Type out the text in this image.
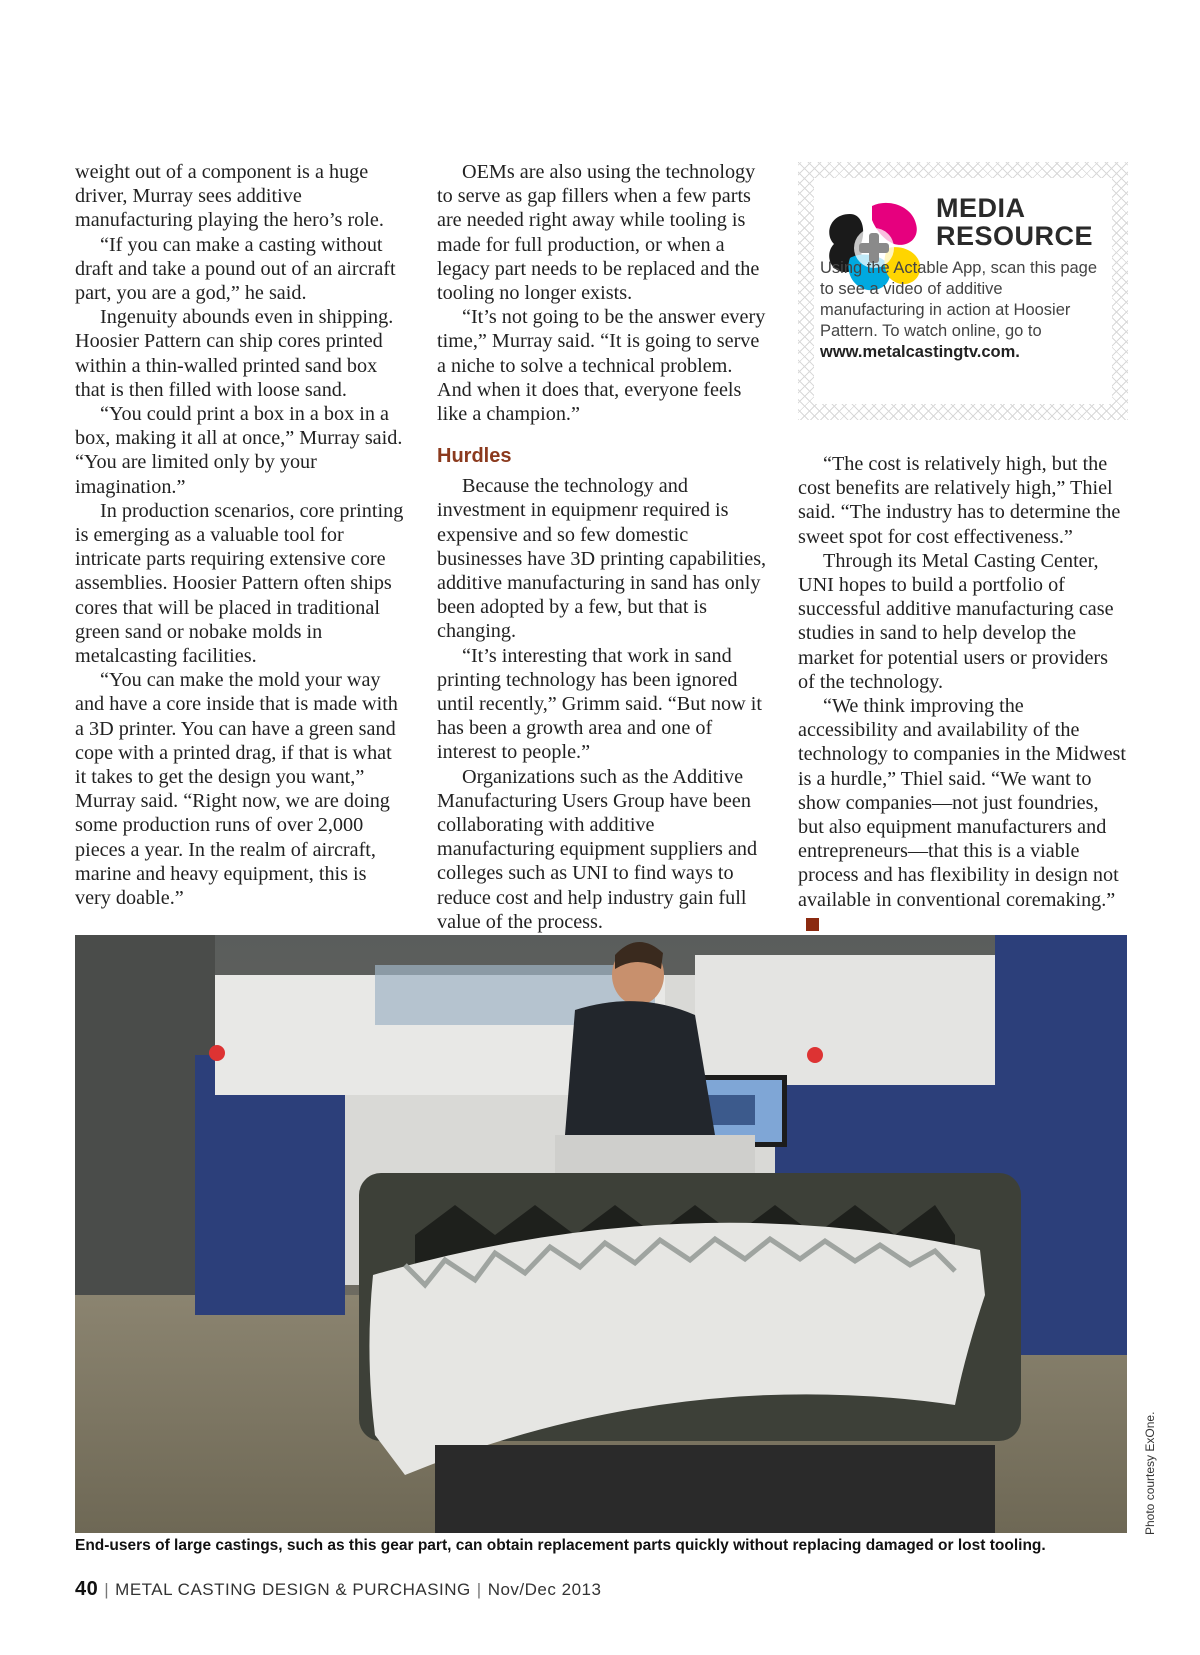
weight out of a component is a huge driver, Murray sees additive manufacturing playing the hero’s role.

“If you can make a casting without draft and take a pound out of an aircraft part, you are a god,” he said.

Ingenuity abounds even in shipping. Hoosier Pattern can ship cores printed within a thin-walled printed sand box that is then filled with loose sand.

“You could print a box in a box in a box, making it all at once,” Murray said. “You are limited only by your imagination.”

In production scenarios, core printing is emerging as a valuable tool for intricate parts requiring extensive core assemblies. Hoosier Pattern often ships cores that will be placed in traditional green sand or nobake molds in metalcasting facilities.

“You can make the mold your way and have a core inside that is made with a 3D printer. You can have a green sand cope with a printed drag, if that is what it takes to get the design you want,” Murray said. “Right now, we are doing some production runs of over 2,000 pieces a year. In the realm of aircraft, marine and heavy equipment, this is very doable.”

OEMs are also using the technology to serve as gap fillers when a few parts are needed right away while tooling is made for full production, or when a legacy part needs to be replaced and the tooling no longer exists.

“It’s not going to be the answer every time,” Murray said. “It is going to serve a niche to solve a technical problem. And when it does that, everyone feels like a champion.”

Hurdles

Because the technology and investment in equipmenr required is expensive and so few domestic businesses have 3D printing capabilities, additive manufacturing in sand has only been adopted by a few, but that is changing.

“It’s interesting that work in sand printing technology has been ignored until recently,” Grimm said. “But now it has been a growth area and one of interest to people.”

Organizations such as the Additive Manufacturing Users Group have been collaborating with additive manufacturing equipment suppliers and colleges such as UNI to find ways to reduce cost and help industry gain full value of the process.

MEDIA
RESOURCE
Using the Actable App, scan this page to see a video of additive manufacturing in action at Hoosier Pattern. To watch online, go to www.metalcastingtv.com.

“The cost is relatively high, but the cost benefits are relatively high,” Thiel said. “The industry has to determine the sweet spot for cost effectiveness.”

Through its Metal Casting Center, UNI hopes to build a portfolio of successful additive manufacturing case studies in sand to help develop the market for potential users or providers of the technology.

“We think improving the accessibility and availability of the technology to companies in the Midwest is a hurdle,” Thiel said. “We want to show companies—not just foundries, but also equipment manufacturers and entrepreneurs—that this is a viable process and has flexibility in design not available in conventional coremaking.”

Photo courtesy ExOne.
End-users of large castings, such as this gear part, can obtain replacement parts quickly without replacing damaged or lost tooling.
40 | METAL CASTING DESIGN & PURCHASING | Nov/Dec 2013
